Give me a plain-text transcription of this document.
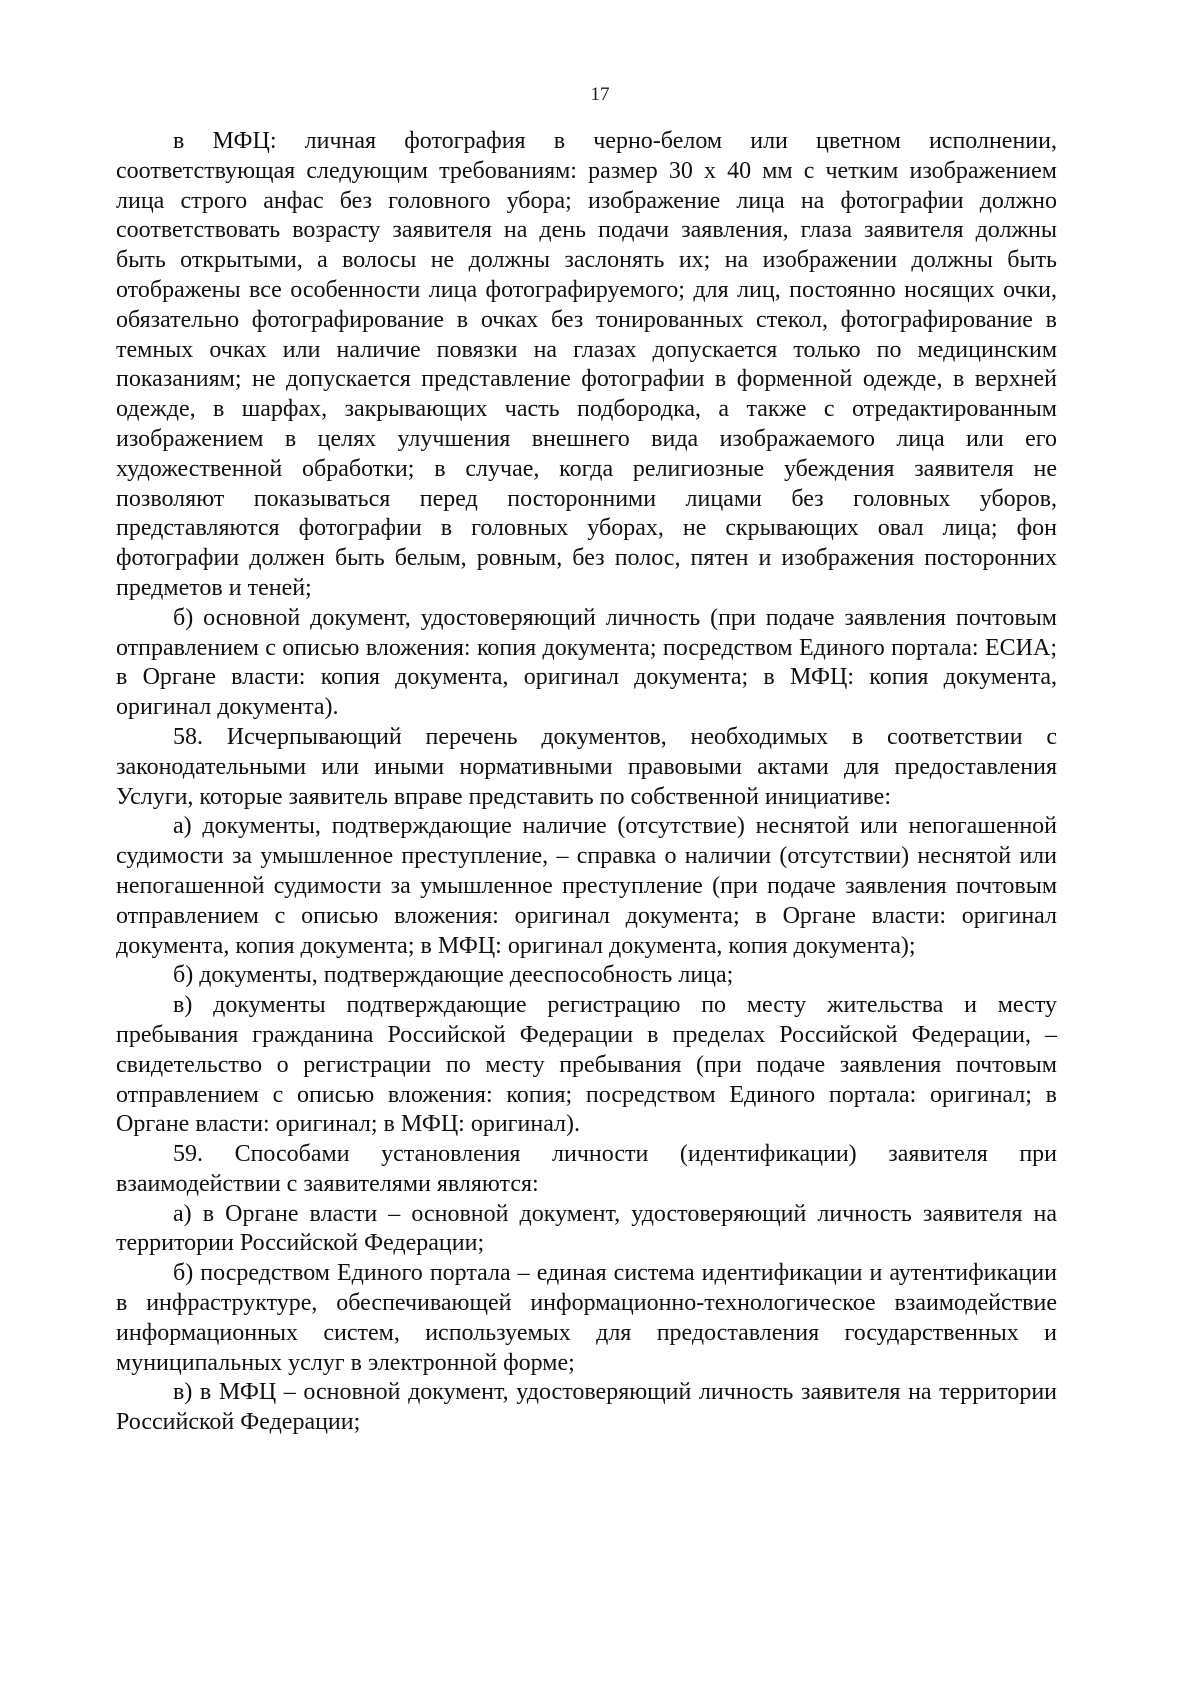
17

в МФЦ: личная фотография в черно-белом или цветном исполнении, соответствующая следующим требованиям: размер 30 х 40 мм с четким изображением лица строго анфас без головного убора; изображение лица на фотографии должно соответствовать возрасту заявителя на день подачи заявления, глаза заявителя должны быть открытыми, а волосы не должны заслонять их; на изображении должны быть отображены все особенности лица фотографируемого; для лиц, постоянно носящих очки, обязательно фотографирование в очках без тонированных стекол, фотографирование в темных очках или наличие повязки на глазах допускается только по медицинским показаниям; не допускается представление фотографии в форменной одежде, в верхней одежде, в шарфах, закрывающих часть подбородка, а также с отредактированным изображением в целях улучшения внешнего вида изображаемого лица или его художественной обработки; в случае, когда религиозные убеждения заявителя не позволяют показываться перед посторонними лицами без головных уборов, представляются фотографии в головных уборах, не скрывающих овал лица; фон фотографии должен быть белым, ровным, без полос, пятен и изображения посторонних предметов и теней;

б) основной документ, удостоверяющий личность (при подаче заявления почтовым отправлением с описью вложения: копия документа; посредством Единого портала: ЕСИА; в Органе власти: копия документа, оригинал документа; в МФЦ: копия документа, оригинал документа).

58. Исчерпывающий перечень документов, необходимых в соответствии с законодательными или иными нормативными правовыми актами для предоставления Услуги, которые заявитель вправе представить по собственной инициативе:

а) документы, подтверждающие наличие (отсутствие) неснятой или непогашенной судимости за умышленное преступление, – справка о наличии (отсутствии) неснятой или непогашенной судимости за умышленное преступление (при подаче заявления почтовым отправлением с описью вложения: оригинал документа; в Органе власти: оригинал документа, копия документа; в МФЦ: оригинал документа, копия документа);

б) документы, подтверждающие дееспособность лица;

в) документы подтверждающие регистрацию по месту жительства и месту пребывания гражданина Российской Федерации в пределах Российской Федерации, – свидетельство о регистрации по месту пребывания (при подаче заявления почтовым отправлением с описью вложения: копия; посредством Единого портала: оригинал; в Органе власти: оригинал; в МФЦ: оригинал).

59. Способами установления личности (идентификации) заявителя при взаимодействии с заявителями являются:

а) в Органе власти – основной документ, удостоверяющий личность заявителя на территории Российской Федерации;

б) посредством Единого портала – единая система идентификации и аутентификации в инфраструктуре, обеспечивающей информационно-технологическое взаимодействие информационных систем, используемых для предоставления государственных и муниципальных услуг в электронной форме;

в) в МФЦ – основной документ, удостоверяющий личность заявителя на территории Российской Федерации;
